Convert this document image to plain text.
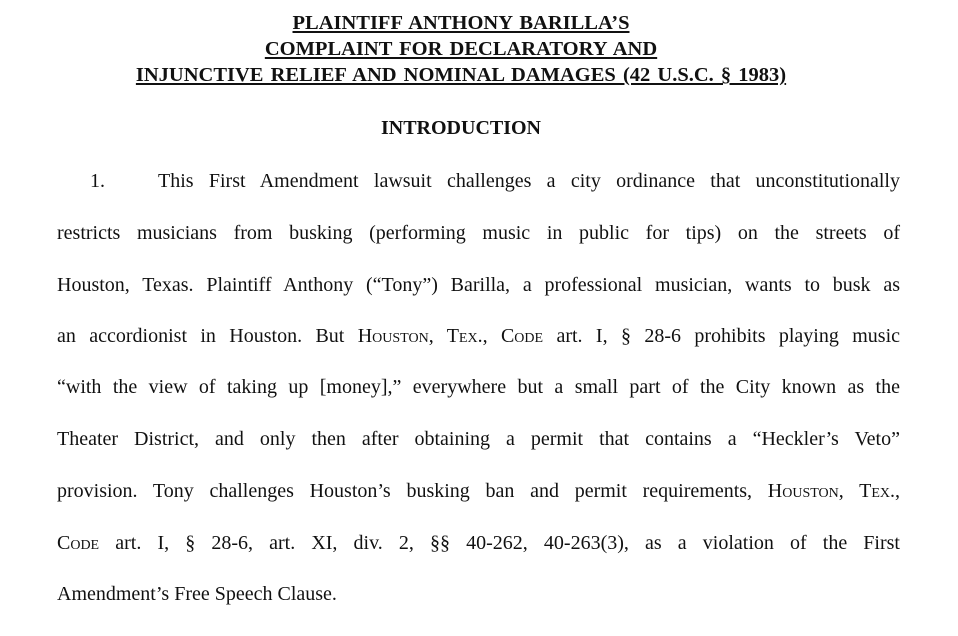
PLAINTIFF ANTHONY BARILLA’S
COMPLAINT FOR DECLARATORY AND
INJUNCTIVE RELIEF AND NOMINAL DAMAGES (42 U.S.C. § 1983)
INTRODUCTION
1.	This First Amendment lawsuit challenges a city ordinance that unconstitutionally
restricts musicians from busking (performing music in public for tips) on the streets of
Houston, Texas. Plaintiff Anthony (“Tony”) Barilla, a professional musician, wants to busk as
an accordionist in Houston. But Houston, Tex., Code art. I, § 28-6 prohibits playing music
“with the view of taking up [money],” everywhere but a small part of the City known as the
Theater District, and only then after obtaining a permit that contains a “Heckler’s Veto”
provision. Tony challenges Houston’s busking ban and permit requirements, Houston, Tex.,
Code art. I, § 28-6, art. XI, div. 2, §§ 40-262, 40-263(3), as a violation of the First
Amendment’s Free Speech Clause.
